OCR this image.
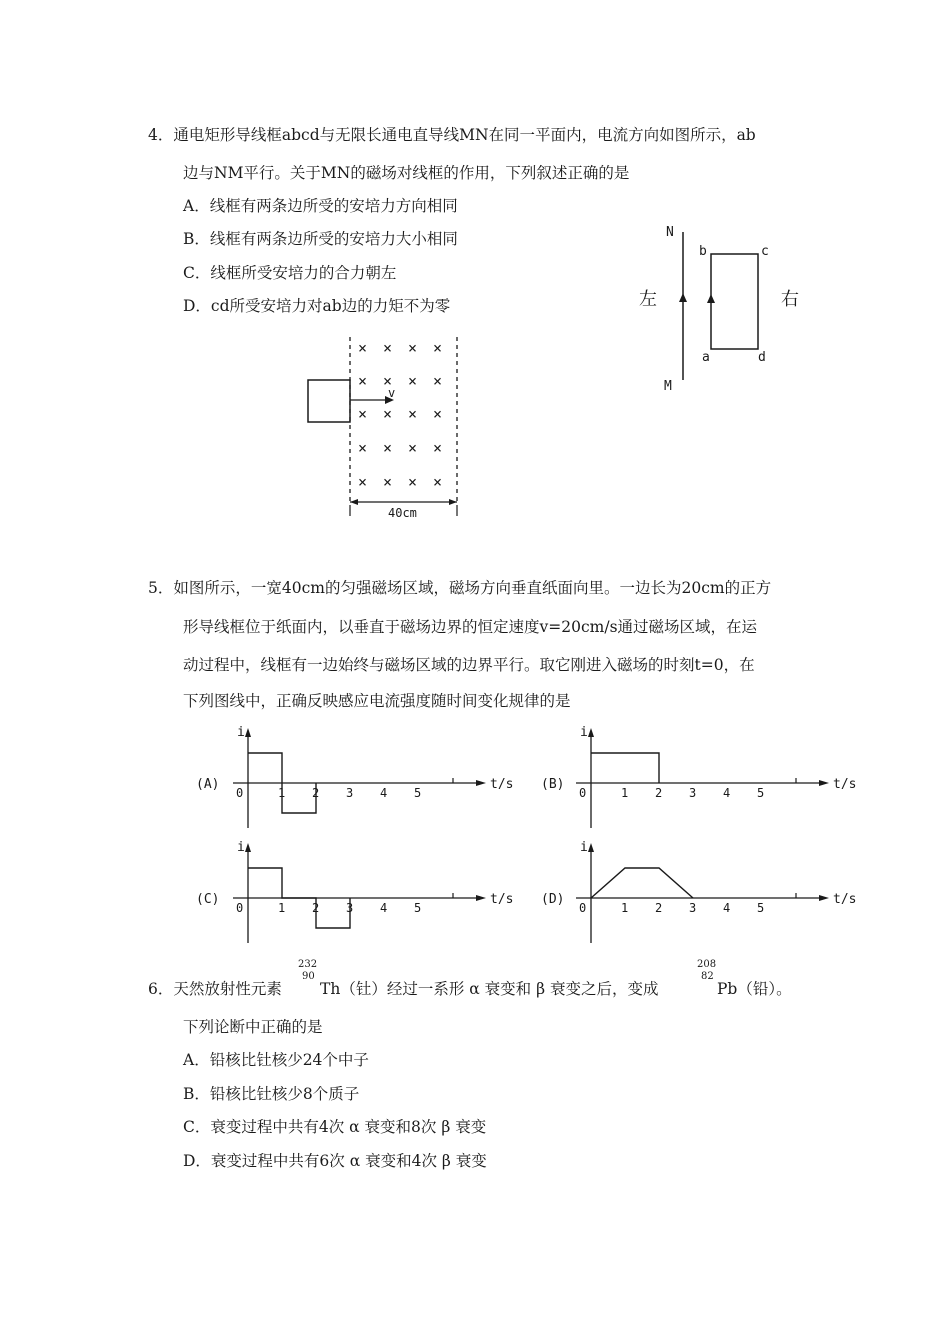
4．通电矩形导线框abcd与无限长通电直导线MN在同一平面内，电流方向如图所示，ab
边与NM平行。关于MN的磁场对线框的作用，下列叙述正确的是
A．线框有两条边所受的安培力方向相同
B．线框有两条边所受的安培力大小相同
C．线框所受安培力的合力朝左
D．cd所受安培力对ab边的力矩不为零
N
M
b	c
a	d
左	右
v
× × × ×
× × × ×
× × × ×
× × × ×
× × × ×
40cm
5．如图所示，一宽40cm的匀强磁场区域，磁场方向垂直纸面向里。一边长为20cm的正方
形导线框位于纸面内，以垂直于磁场边界的恒定速度v=20cm/s通过磁场区域，在运
动过程中，线框有一边始终与磁场区域的边界平行。取它刚进入磁场的时刻t=0，在
下列图线中，正确反映感应电流强度随时间变化规律的是
i
t/s
(A)
0	1 2 3 4 5
i
t/s
(B)
0	1 2 3 4 5
i
t/s
(C)
0	1 2 3 4 5
i
t/s
(D)
0	1 2 3 4 5
6．天然放射性元素
232
90
Th（钍）经过一系形 α 衰变和 β 衰变之后，变成
208
82
Pb（铅）。
下列论断中正确的是
A．铅核比钍核少24个中子
B．铅核比钍核少8个质子
C．衰变过程中共有4次 α 衰变和8次 β 衰变
D．衰变过程中共有6次 α 衰变和4次 β 衰变
